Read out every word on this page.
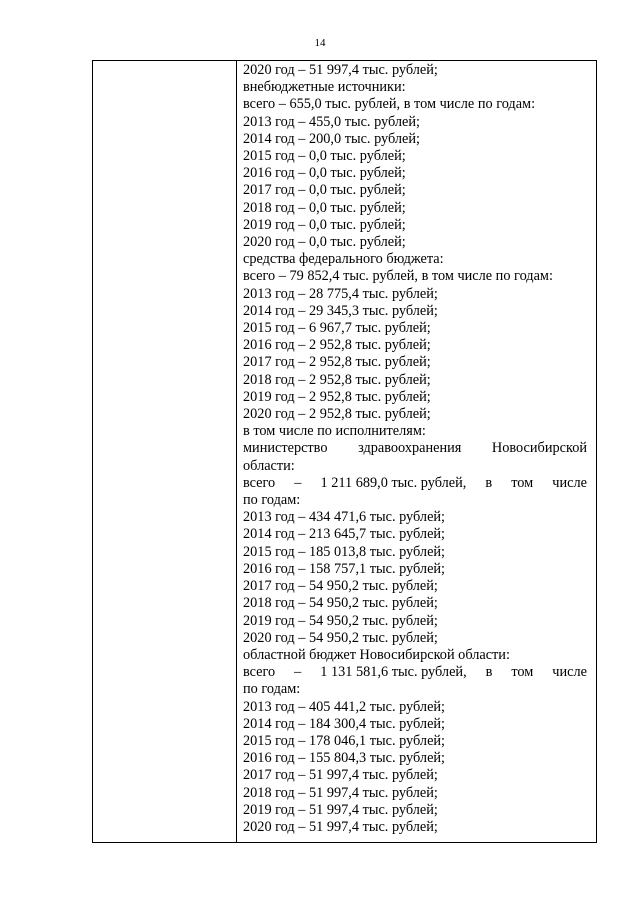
14
2020 год – 51 997,4 тыс. рублей;
внебюджетные источники:
всего – 655,0 тыс. рублей, в том числе по годам:
2013 год – 455,0 тыс. рублей;
2014 год – 200,0 тыс. рублей;
2015 год – 0,0 тыс. рублей;
2016 год – 0,0 тыс. рублей;
2017 год – 0,0 тыс. рублей;
2018 год – 0,0 тыс. рублей;
2019 год – 0,0 тыс. рублей;
2020 год – 0,0 тыс. рублей;
средства федерального бюджета:
всего – 79 852,4 тыс. рублей, в том числе по годам:
2013 год – 28 775,4 тыс. рублей;
2014 год – 29 345,3 тыс. рублей;
2015 год – 6 967,7 тыс. рублей;
2016 год – 2 952,8 тыс. рублей;
2017 год – 2 952,8 тыс. рублей;
2018 год – 2 952,8 тыс. рублей;
2019 год – 2 952,8 тыс. рублей;
2020 год – 2 952,8 тыс. рублей;
в том числе по исполнителям:
министерство здравоохранения Новосибирской
области:
всего – 1 211 689,0 тыс. рублей, в том числе
по годам:
2013 год – 434 471,6 тыс. рублей;
2014 год – 213 645,7 тыс. рублей;
2015 год – 185 013,8 тыс. рублей;
2016 год – 158 757,1 тыс. рублей;
2017 год – 54 950,2 тыс. рублей;
2018 год – 54 950,2 тыс. рублей;
2019 год – 54 950,2 тыс. рублей;
2020 год – 54 950,2 тыс. рублей;
областной бюджет Новосибирской области:
всего – 1 131 581,6 тыс. рублей, в том числе
по годам:
2013 год – 405 441,2 тыс. рублей;
2014 год – 184 300,4 тыс. рублей;
2015 год – 178 046,1 тыс. рублей;
2016 год – 155 804,3 тыс. рублей;
2017 год – 51 997,4 тыс. рублей;
2018 год – 51 997,4 тыс. рублей;
2019 год – 51 997,4 тыс. рублей;
2020 год – 51 997,4 тыс. рублей;
